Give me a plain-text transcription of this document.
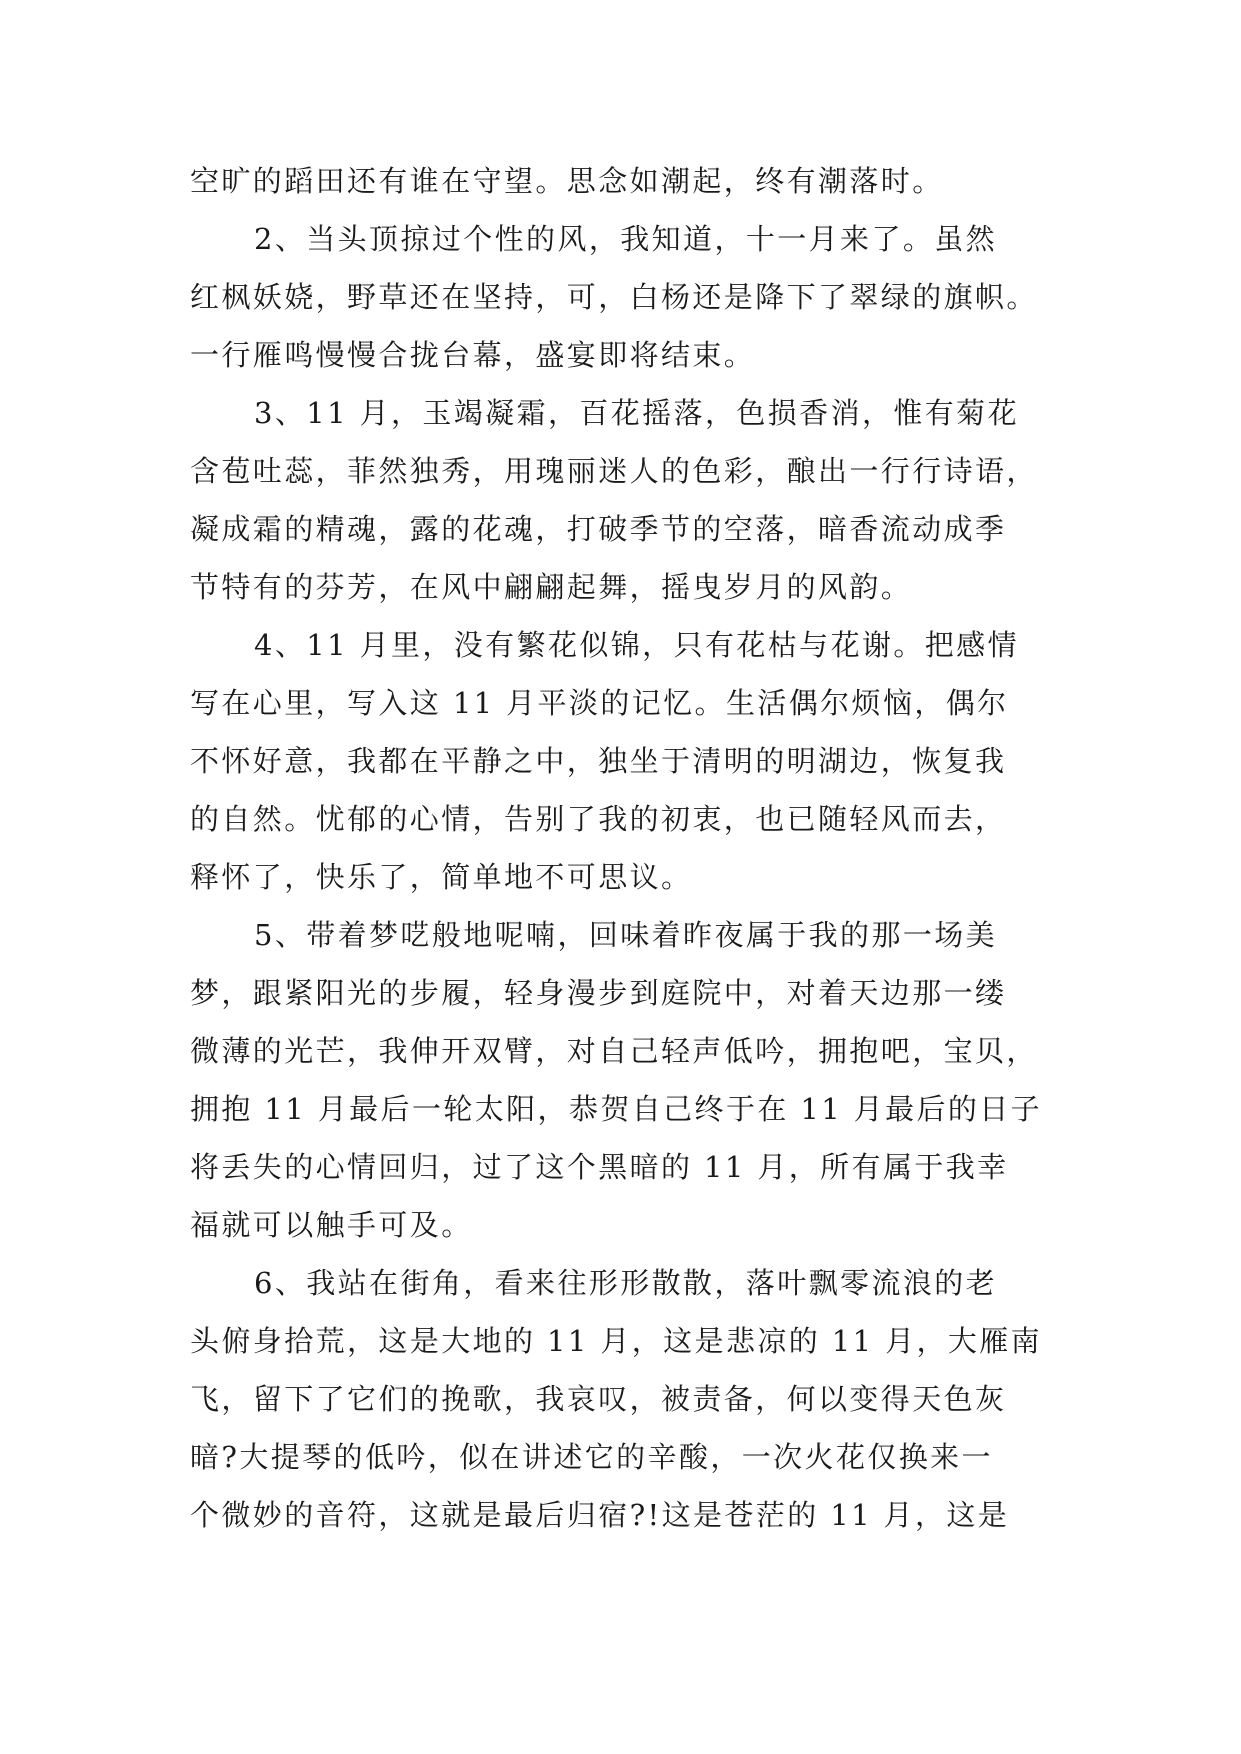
空旷的蹈田还有谁在守望。思念如潮起，终有潮落时。

2、当头顶掠过个性的风，我知道，十一月来了。虽然
红枫妖娆，野草还在坚持，可，白杨还是降下了翠绿的旗帜。
一行雁鸣慢慢合拢台幕，盛宴即将结束。

3、11 月，玉竭凝霜，百花摇落，色损香消，惟有菊花
含苞吐蕊，菲然独秀，用瑰丽迷人的色彩，酿出一行行诗语，
凝成霜的精魂，露的花魂，打破季节的空落，暗香流动成季
节特有的芬芳，在风中翩翩起舞，摇曳岁月的风韵。

4、11 月里，没有繁花似锦，只有花枯与花谢。把感情
写在心里，写入这 11 月平淡的记忆。生活偶尔烦恼，偶尔
不怀好意，我都在平静之中，独坐于清明的明湖边，恢复我
的自然。忧郁的心情，告别了我的初衷，也已随轻风而去，
释怀了，快乐了，简单地不可思议。

5、带着梦呓般地呢喃，回味着昨夜属于我的那一场美
梦，跟紧阳光的步履，轻身漫步到庭院中，对着天边那一缕
微薄的光芒，我伸开双臂，对自己轻声低吟，拥抱吧，宝贝，
拥抱 11 月最后一轮太阳，恭贺自己终于在 11 月最后的日子
将丢失的心情回归，过了这个黑暗的 11 月，所有属于我幸
福就可以触手可及。

6、我站在街角，看来往形形散散，落叶飘零流浪的老
头俯身拾荒，这是大地的 11 月，这是悲凉的 11 月，大雁南
飞，留下了它们的挽歌，我哀叹，被责备，何以变得天色灰
暗?大提琴的低吟，似在讲述它的辛酸，一次火花仅换来一
个微妙的音符，这就是最后归宿?!这是苍茫的 11 月，这是
